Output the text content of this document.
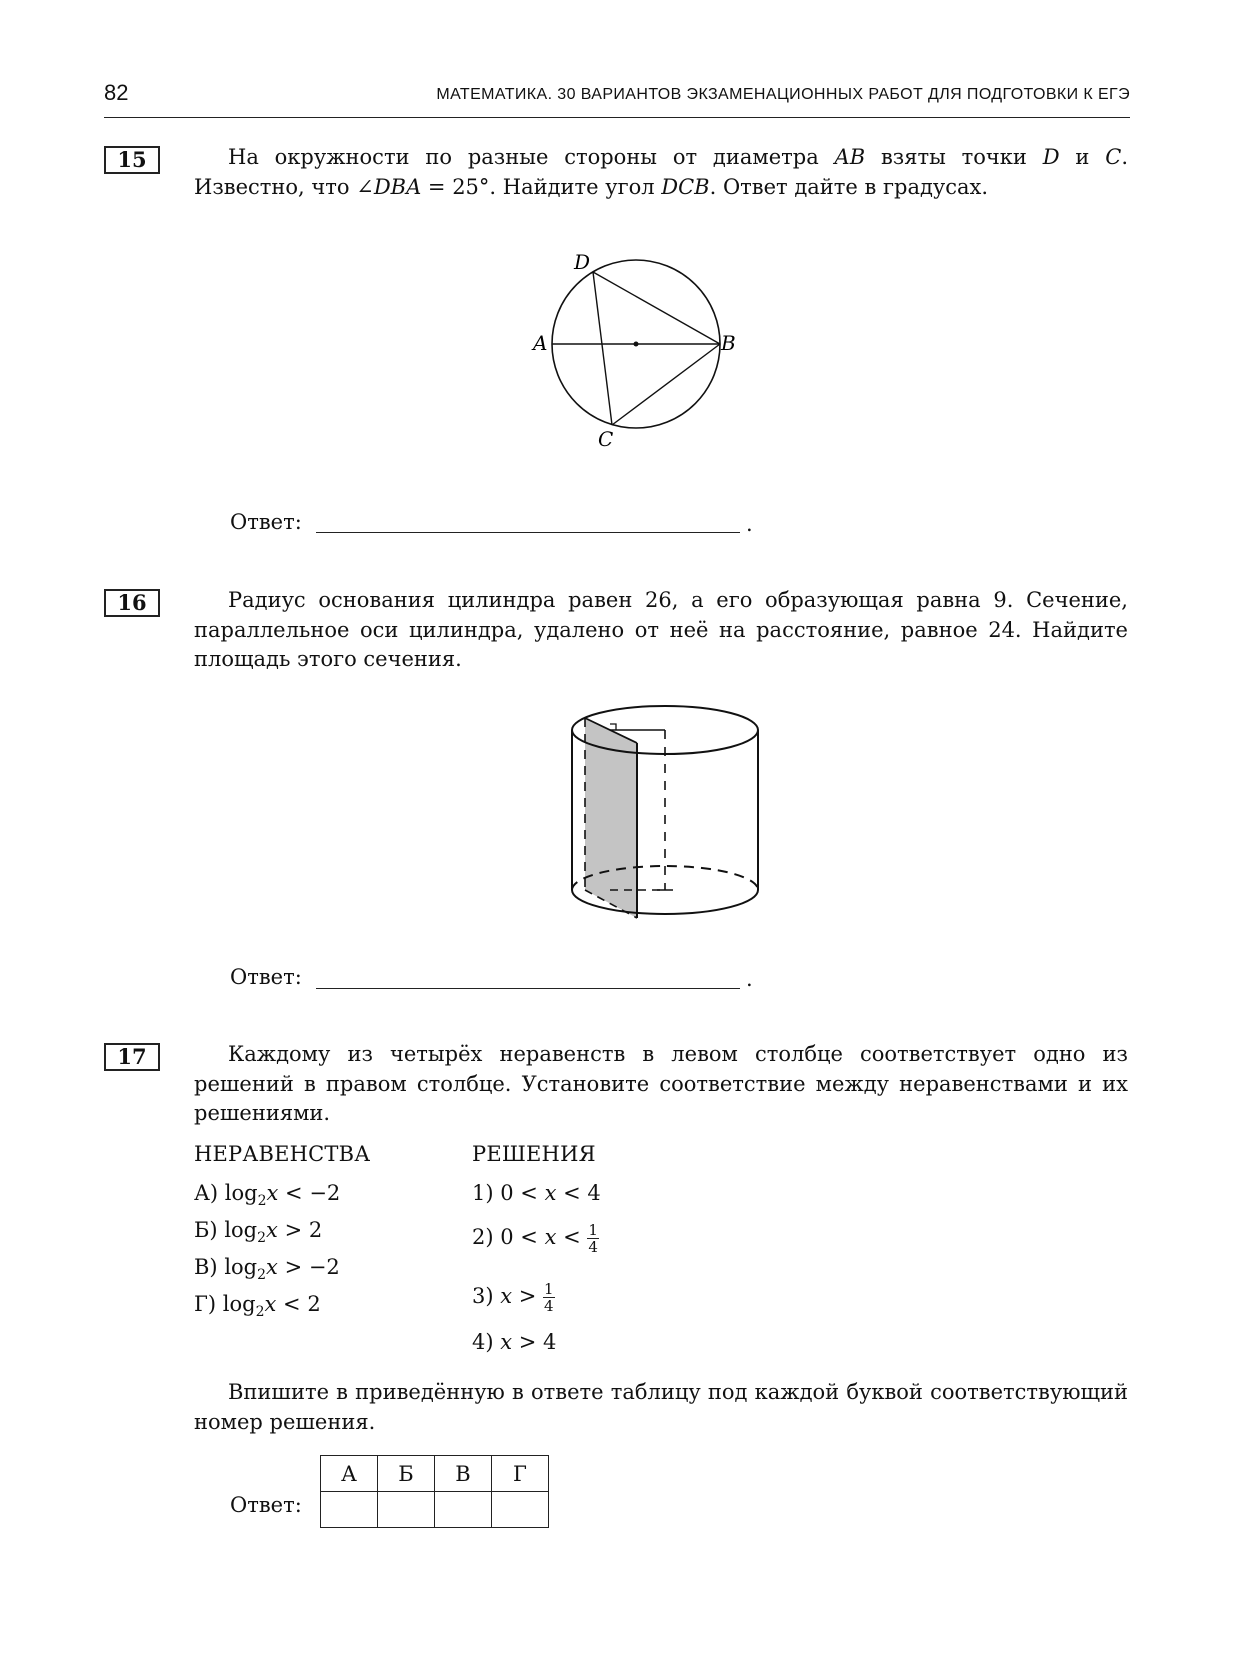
82	МАТЕМАТИКА. 30 ВАРИАНТОВ ЭКЗАМЕНАЦИОННЫХ РАБОТ ДЛЯ ПОДГОТОВКИ К ЕГЭ
15	На окружности по разные стороны от диаметра AB взяты точки D и C. Известно, что ∠DBA = 25°. Найдите угол DCB. Ответ дайте в градусах.
D
A	B
C
Ответ:	.
16	Радиус основания цилиндра равен 26, а его образующая равна 9. Сечение, параллельное оси цилиндра, удалено от неё на расстояние, равное 24. Найдите площадь этого сечения.
Ответ:	.
17	Каждому из четырёх неравенств в левом столбце соответствует одно из решений в правом столбце. Установите соответствие между неравенствами и их решениями.
НЕРАВЕНСТВА	РЕШЕНИЯ
А) $\log_2x < -2$
Б) $\log_2x > 2$
В) $\log_2x > -2$
Г) $\log_2x < 2$
1) 0 < x < 4
2) $0 < x < \frac{1}{4}$
3) $x > \frac{1}{4}$
4) x > 4
Впишите в приведённую в ответе таблицу под каждой буквой соответствующий номер решения.
Ответ:
А	Б	В	Г
